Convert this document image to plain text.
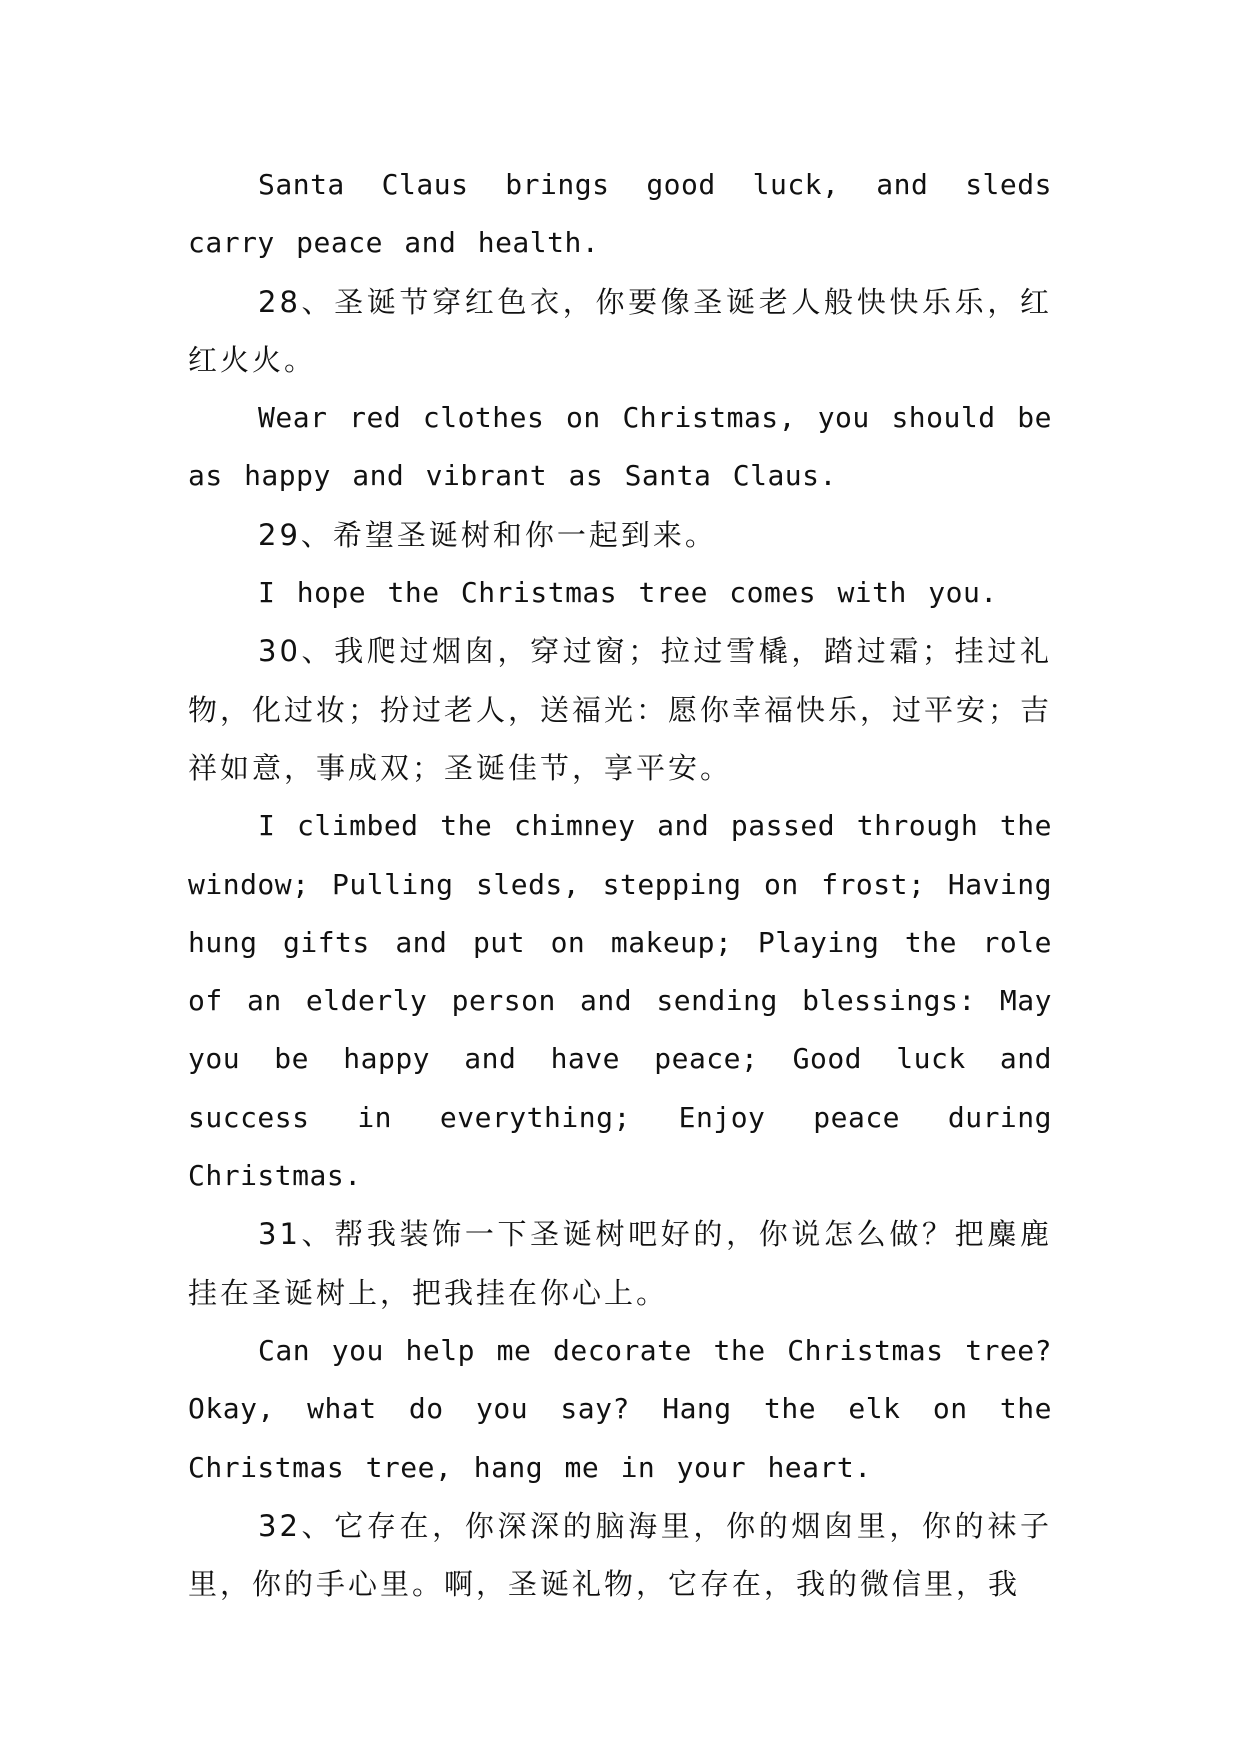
Santa Claus brings good luck, and sleds carry peace and health.

28、圣诞节穿红色衣，你要像圣诞老人般快快乐乐，红红火火。

Wear red clothes on Christmas, you should be as happy and vibrant as Santa Claus.

29、希望圣诞树和你一起到来。

I hope the Christmas tree comes with you.

30、我爬过烟囱，穿过窗；拉过雪橇，踏过霜；挂过礼物，化过妆；扮过老人，送福光：愿你幸福快乐，过平安；吉祥如意，事成双；圣诞佳节，享平安。

I climbed the chimney and passed through the window; Pulling sleds, stepping on frost; Having hung gifts and put on makeup; Playing the role of an elderly person and sending blessings: May you be happy and have peace; Good luck and success in everything; Enjoy peace during Christmas.

31、帮我装饰一下圣诞树吧好的，你说怎么做？把麋鹿挂在圣诞树上，把我挂在你心上。

Can you help me decorate the Christmas tree? Okay, what do you say? Hang the elk on the Christmas tree, hang me in your heart.

32、它存在，你深深的脑海里，你的烟囱里，你的袜子里，你的手心里。啊，圣诞礼物，它存在，我的微信里，我
